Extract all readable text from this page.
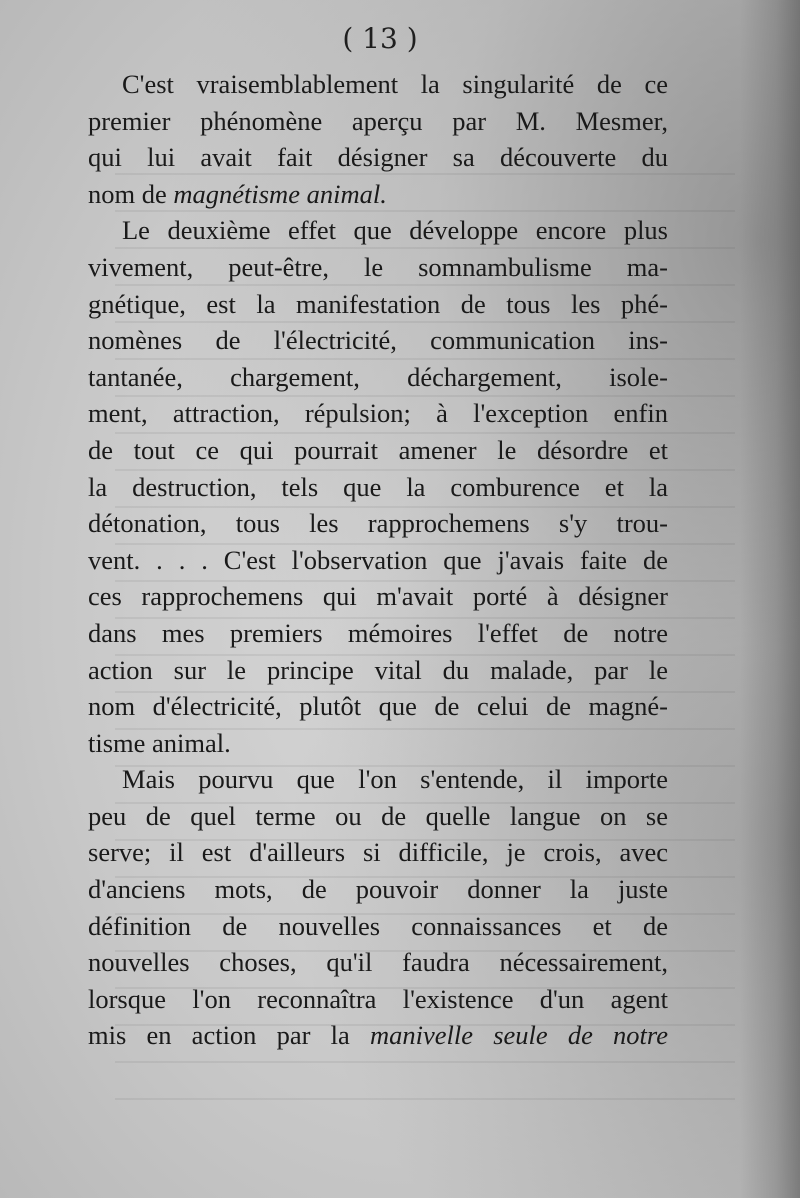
( 13 )

C'est vraisemblablement la singularité de ce
premier phénomène aperçu par M. Mesmer,
qui lui avait fait désigner sa découverte du
nom de magnétisme animal.

Le deuxième effet que développe encore plus
vivement, peut-être, le somnambulisme ma-
gnétique, est la manifestation de tous les phé-
nomènes de l'électricité, communication ins-
tantanée, chargement, déchargement, isole-
ment, attraction, répulsion; à l'exception enfin
de tout ce qui pourrait amener le désordre et
la destruction, tels que la comburence et la
détonation, tous les rapprochemens s'y trou-
vent. . . . C'est l'observation que j'avais faite de
ces rapprochemens qui m'avait porté à désigner
dans mes premiers mémoires l'effet de notre
action sur le principe vital du malade, par le
nom d'électricité, plutôt que de celui de magné-
tisme animal.

Mais pourvu que l'on s'entende, il importe
peu de quel terme ou de quelle langue on se
serve; il est d'ailleurs si difficile, je crois, avec
d'anciens mots, de pouvoir donner la juste
définition de nouvelles connaissances et de
nouvelles choses, qu'il faudra nécessairement,
lorsque l'on reconnaîtra l'existence d'un agent
mis en action par la manivelle seule de notre
